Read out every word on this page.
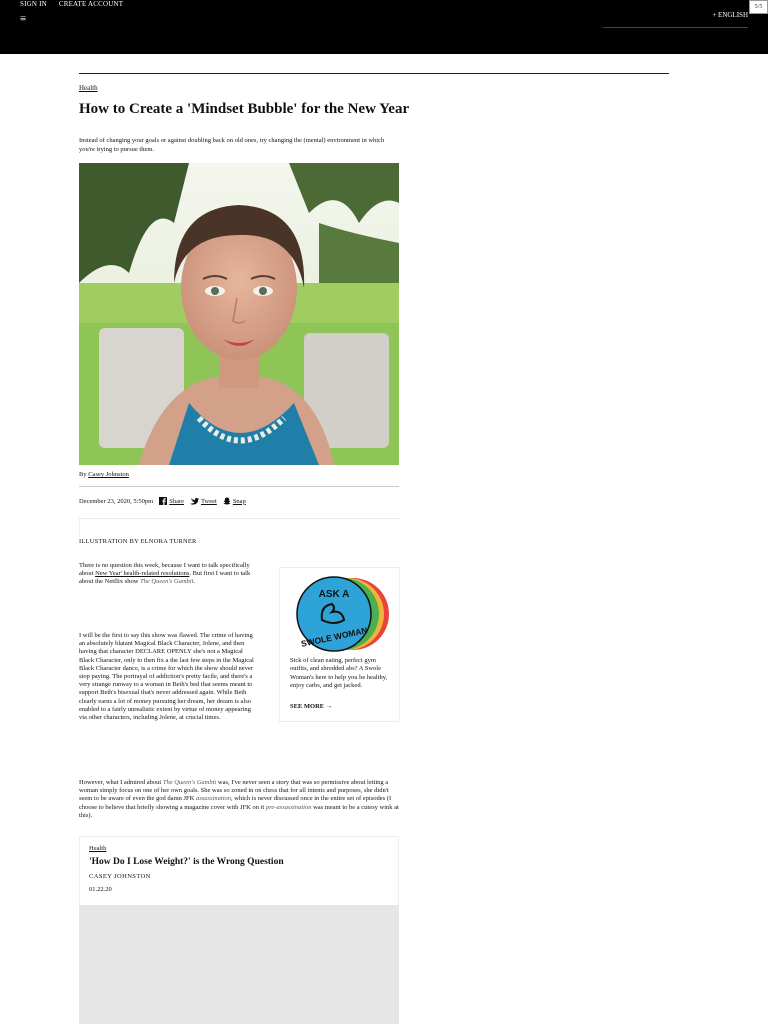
SIGN IN CREATE ACCOUNT
≡	+ ENGLISH
5/5
Health
How to Create a 'Mindset Bubble' for the New Year
Instead of changing your goals or against doubling back on old ones, try changing the (mental) environment in which you're trying to pursue them.
By Casey Johnston
December 23, 2020, 5:50pm Share	Tweet Snap
ILLUSTRATION BY ELNORA TURNER
There is no question this week, because I want to talk specifically about New Year' health-related resolutions. But first I want to talk about the Netflix show The Queen's Gambit.
ASK A
SWOLE WOMAN
Sick of clean eating, perfect gym outfits, and shredded abs? A Swole Woman's here to help you be healthy, enjoy carbs, and get jacked.
SEE MORE →
I will be the first to say this show was flawed. The crime of having an absolutely blatant Magical Black Character, Jolene, and then having that character DECLARE OPENLY she's not a Magical Black Character, only to then fix a the last few steps in the Magical Black Character dance, is a crime for which the show should never stop paying. The portrayal of addiction's pretty facile, and there's a very strange runway to a woman in Beth's bed that seems meant to support Beth's bisexual that's never addressed again. While Beth clearly earns a lot of money pursuing her dream, her dream is also enabled to a fairly unrealistic extent by virtue of money appearing via other characters, including Jolene, at crucial times.
However, what I admired about The Queen's Gambit was, I've never seen a story that was so permissive about letting a woman simply focus on one of her own goals. She was so zoned in on chess that for all intents and purposes, she didn't seem to be aware of even the god damn JFK assassination, which is never discussed once in the entire set of episodes (I choose to believe that briefly showing a magazine cover with JFK on it pre-assassination was meant to be a cutesy wink at this).
Health
'How Do I Lose Weight?' is the Wrong Question
CASEY JOHNSTON
01.22.20
